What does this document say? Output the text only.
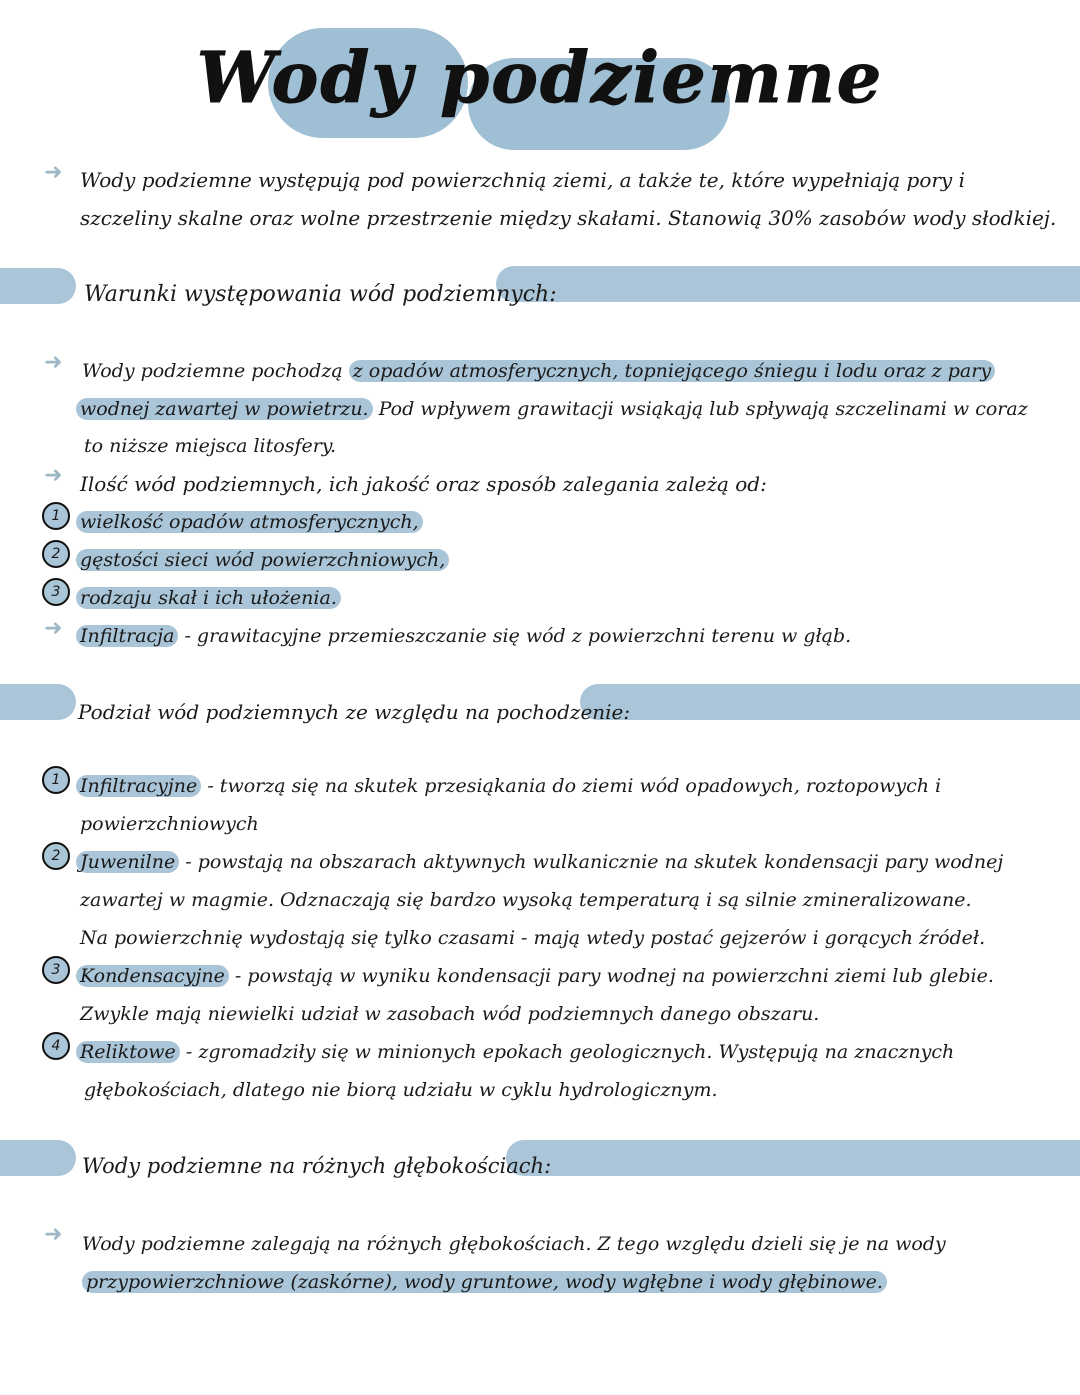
Wody podziemne
➜ Wody podziemne występują pod powierzchnią ziemi, a także te, które wypełniają pory i
szczeliny skalne oraz wolne przestrzenie między skałami. Stanowią 30% zasobów wody słodkiej.
Warunki występowania wód podziemnych:
➜ Wody podziemne pochodzą z opadów atmosferycznych, topniejącego śniegu i lodu oraz z pary
wodnej zawartej w powietrzu. Pod wpływem grawitacji wsiąkają lub spływają szczelinami w coraz
to niższe miejsca litosfery.
➜ Ilość wód podziemnych, ich jakość oraz sposób zalegania zależą od:
1	wielkość opadów atmosferycznych,
2	gęstości sieci wód powierzchniowych,
3	rodzaju skał i ich ułożenia.
➜ Infiltracja - grawitacyjne przemieszczanie się wód z powierzchni terenu w głąb.
Podział wód podziemnych ze względu na pochodzenie:
1	Infiltracyjne - tworzą się na skutek przesiąkania do ziemi wód opadowych, roztopowych i
powierzchniowych
2	Juwenilne - powstają na obszarach aktywnych wulkanicznie na skutek kondensacji pary wodnej
zawartej w magmie. Odznaczają się bardzo wysoką temperaturą i są silnie zmineralizowane.
Na powierzchnię wydostają się tylko czasami - mają wtedy postać gejzerów i gorących źródeł.
3	Kondensacyjne - powstają w wyniku kondensacji pary wodnej na powierzchni ziemi lub glebie.
Zwykle mają niewielki udział w zasobach wód podziemnych danego obszaru.
4	Reliktowe - zgromadziły się w minionych epokach geologicznych. Występują na znacznych
głębokościach, dlatego nie biorą udziału w cyklu hydrologicznym.
Wody podziemne na różnych głębokościach:
➜ Wody podziemne zalegają na różnych głębokościach. Z tego względu dzieli się je na wody
przypowierzchniowe (zaskórne), wody gruntowe, wody wgłębne i wody głębinowe.
